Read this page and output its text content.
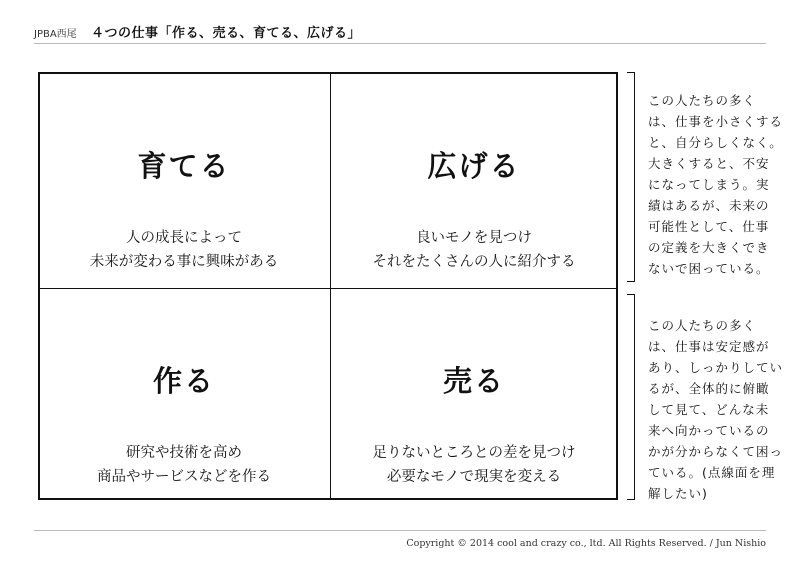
JPBA西尾 ４つの仕事「作る、売る、育てる、広げる」
育てる
人の成長によって
未来が変わる事に興味がある
広げる
良いモノを見つけ
それをたくさんの人に紹介する
作る
研究や技術を高め
商品やサービスなどを作る
売る
足りないところとの差を見つけ
必要なモノで現実を変える
この人たちの多く
は、仕事を小さくする
と、自分らしくなく。
大きくすると、不安
になってしまう。実
績はあるが、未来の
可能性として、仕事
の定義を大きくでき
ないで困っている。
この人たちの多く
は、仕事は安定感が
あり、しっかりしてい
るが、全体的に俯瞰
して見て、どんな未
来へ向かっているの
かが分からなくて困っ
ている。(点線面を理
解したい)
Copyright © 2014 cool and crazy co., ltd. All Rights Reserved. / Jun Nishio
